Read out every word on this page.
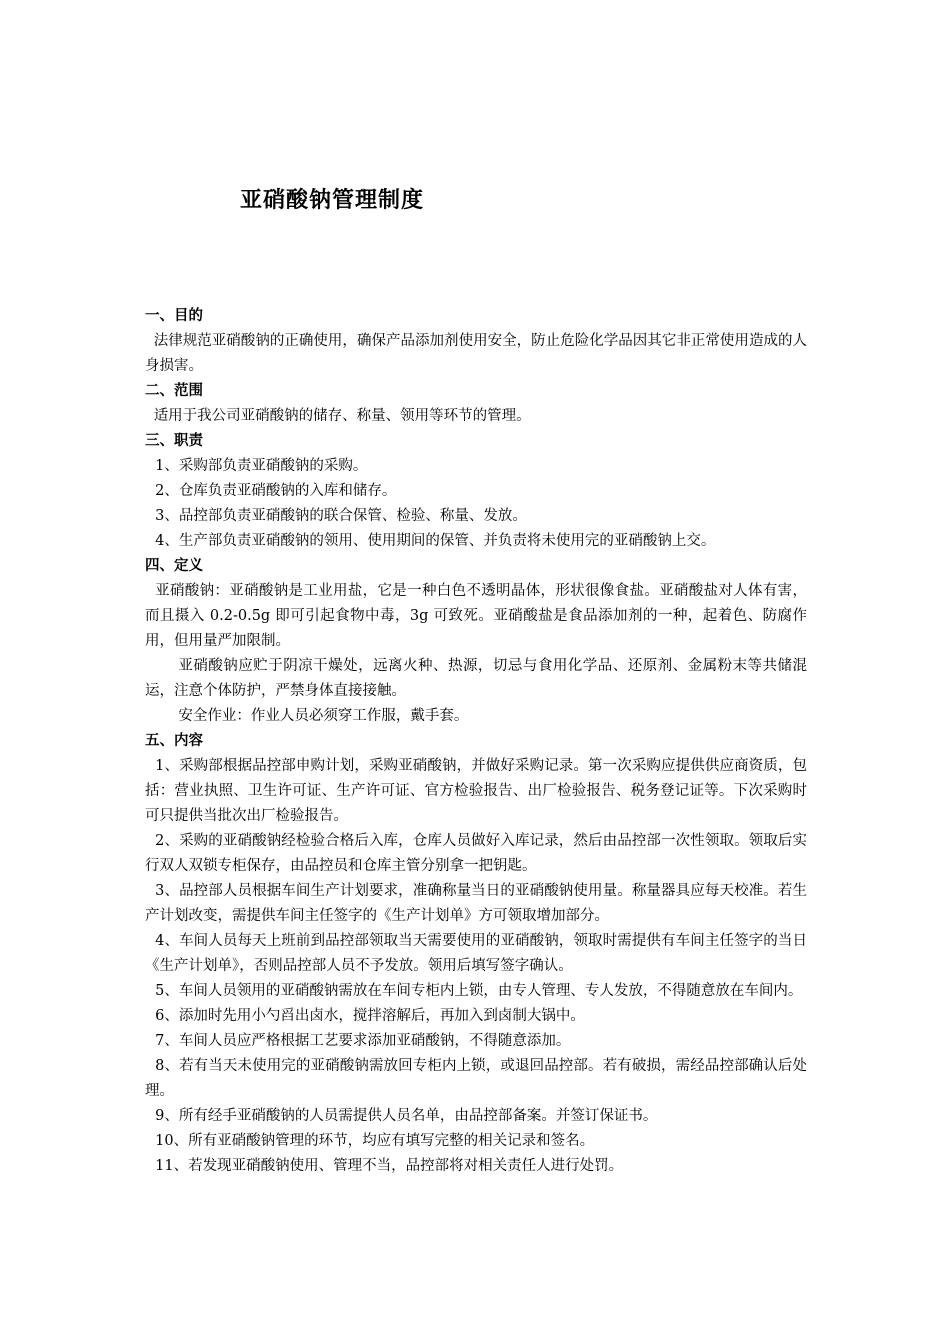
亚硝酸钠管理制度
一、目的

法律规范亚硝酸钠的正确使用，确保产品添加剂使用安全，防止危险化学品因其它非正常使用造成的人身损害。

二、范围

适用于我公司亚硝酸钠的储存、称量、领用等环节的管理。

三、职责

1、采购部负责亚硝酸钠的采购。

2、仓库负责亚硝酸钠的入库和储存。

3、品控部负责亚硝酸钠的联合保管、检验、称量、发放。

4、生产部负责亚硝酸钠的领用、使用期间的保管、并负责将未使用完的亚硝酸钠上交。

四、定义

亚硝酸钠：亚硝酸钠是工业用盐，它是一种白色不透明晶体，形状很像食盐。亚硝酸盐对人体有害，而且摄入 0.2-0.5g 即可引起食物中毒，3g 可致死。亚硝酸盐是食品添加剂的一种，起着色、防腐作用，但用量严加限制。

亚硝酸钠应贮于阴凉干燥处，远离火种、热源，切忌与食用化学品、还原剂、金属粉末等共储混运，注意个体防护，严禁身体直接接触。

安全作业：作业人员必须穿工作服，戴手套。

五、内容

1、采购部根据品控部申购计划，采购亚硝酸钠，并做好采购记录。第一次采购应提供供应商资质，包括：营业执照、卫生许可证、生产许可证、官方检验报告、出厂检验报告、税务登记证等。下次采购时可只提供当批次出厂检验报告。

2、采购的亚硝酸钠经检验合格后入库，仓库人员做好入库记录，然后由品控部一次性领取。领取后实行双人双锁专柜保存，由品控员和仓库主管分别拿一把钥匙。

3、品控部人员根据车间生产计划要求，准确称量当日的亚硝酸钠使用量。称量器具应每天校准。若生产计划改变，需提供车间主任签字的《生产计划单》方可领取增加部分。

4、车间人员每天上班前到品控部领取当天需要使用的亚硝酸钠，领取时需提供有车间主任签字的当日《生产计划单》，否则品控部人员不予发放。领用后填写签字确认。

5、车间人员领用的亚硝酸钠需放在车间专柜内上锁，由专人管理、专人发放，不得随意放在车间内。

6、添加时先用小勺舀出卤水，搅拌溶解后，再加入到卤制大锅中。

7、车间人员应严格根据工艺要求添加亚硝酸钠，不得随意添加。

8、若有当天未使用完的亚硝酸钠需放回专柜内上锁，或退回品控部。若有破损，需经品控部确认后处理。

9、所有经手亚硝酸钠的人员需提供人员名单，由品控部备案。并签订保证书。

10、所有亚硝酸钠管理的环节，均应有填写完整的相关记录和签名。

11、若发现亚硝酸钠使用、管理不当，品控部将对相关责任人进行处罚。
